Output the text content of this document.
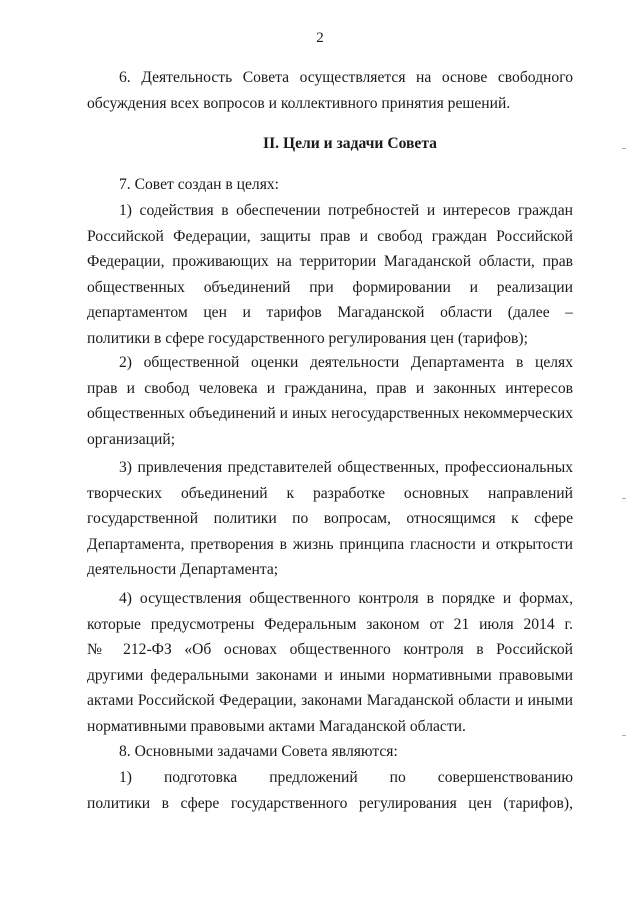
2
6. Деятельность Совета осуществляется на основе свободного
обсуждения всех вопросов и коллективного принятия решений.
II. Цели и задачи Совета
7. Совет создан в целях:
1) содействия в обеспечении потребностей и интересов граждан
Российской Федерации, защиты прав и свобод граждан Российской
Федерации, проживающих на территории Магаданской области, прав
общественных объединений при формировании и реализации
департаментом цен и тарифов Магаданской области (далее –
политики в сфере государственного регулирования цен (тарифов);
2) общественной оценки деятельности Департамента в целях
прав и свобод человека и гражданина, прав и законных интересов
общественных объединений и иных негосударственных некоммерческих
организаций;
3) привлечения представителей общественных, профессиональных
творческих объединений к разработке основных направлений
государственной политики по вопросам, относящимся к сфере
Департамента, претворения в жизнь принципа гласности и открытости
деятельности Департамента;
4) осуществления общественного контроля в порядке и формах,
которые предусмотрены Федеральным законом от 21 июля 2014 г.
№ 212-ФЗ «Об основах общественного контроля в Российской
другими федеральными законами и иными нормативными правовыми
актами Российской Федерации, законами Магаданской области и иными
нормативными правовыми актами Магаданской области.
8. Основными задачами Совета являются:
1) подготовка предложений по совершенствованию
политики в сфере государственного регулирования цен (тарифов),
